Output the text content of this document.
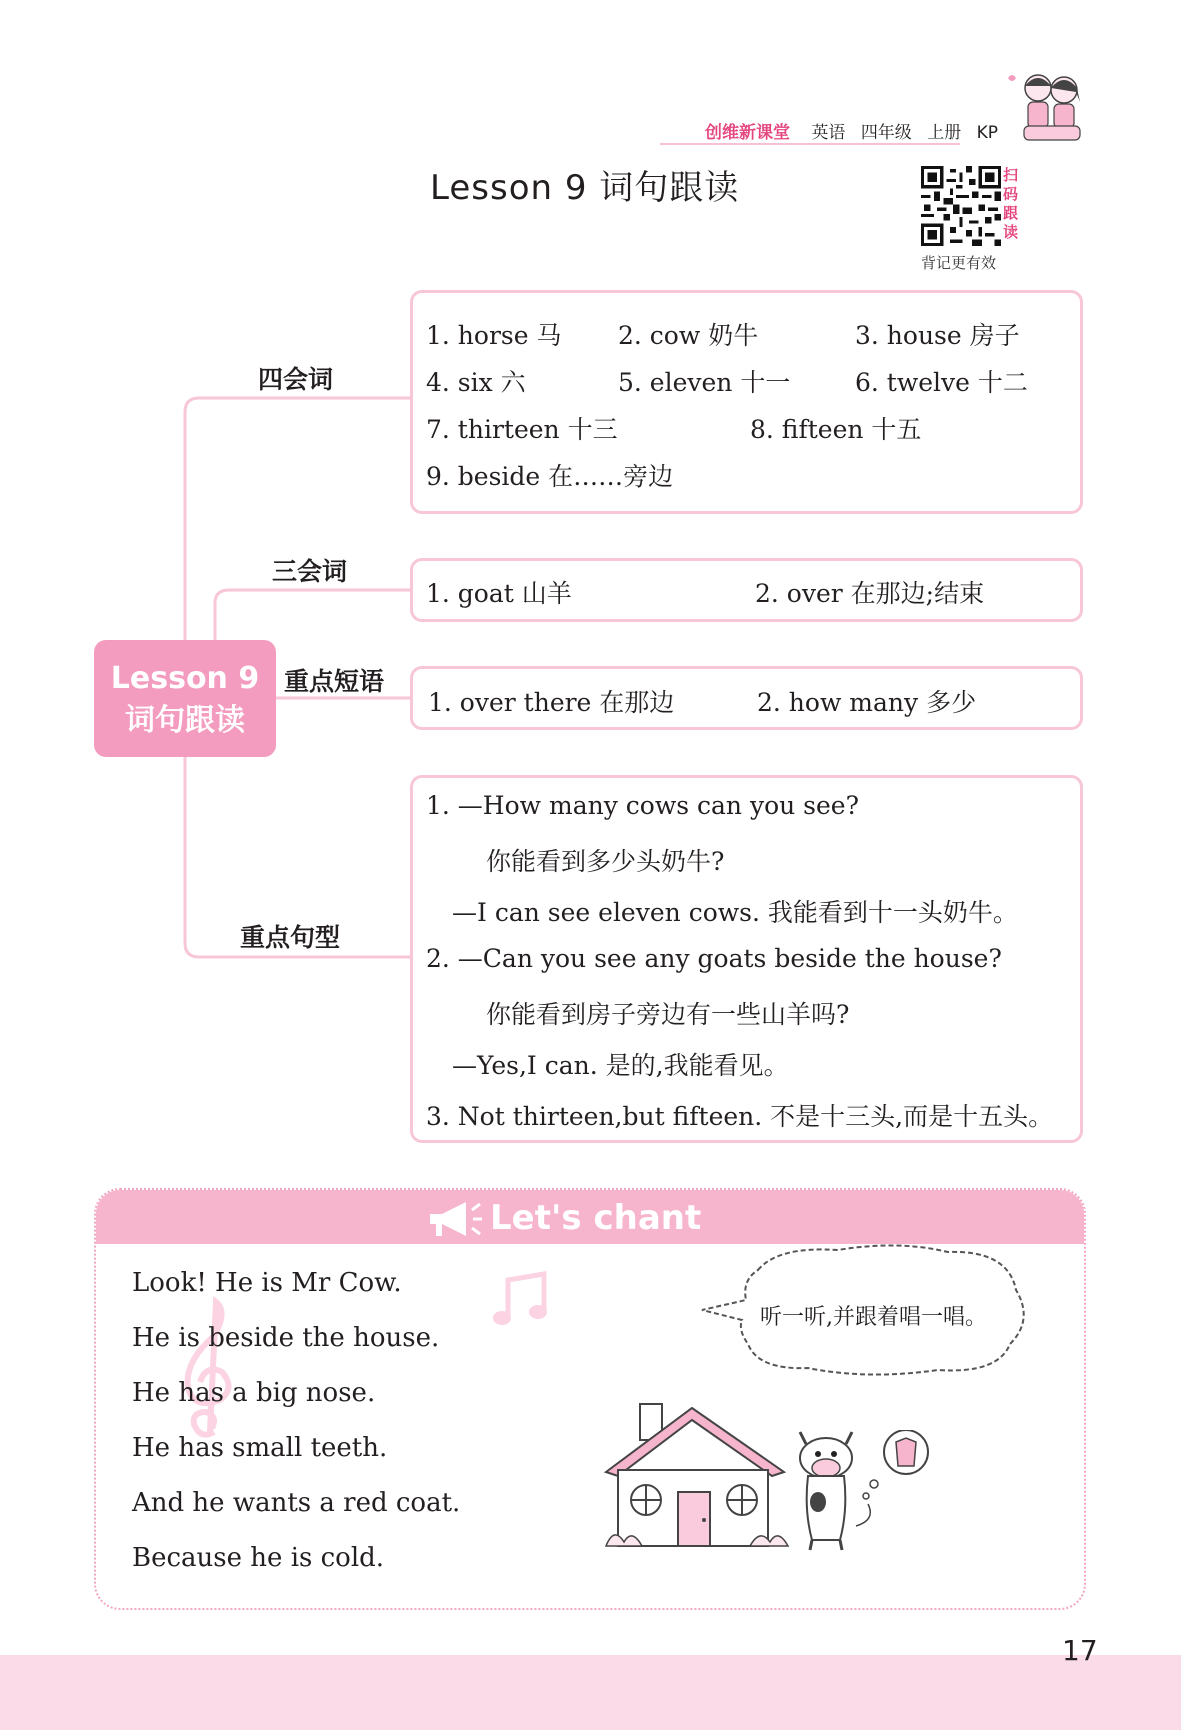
创维新课堂 英语 四年级 上册 KP
Lesson 9 词句跟读	扫
码
跟
读
背记更有效
Lesson 9
词句跟读
四会词
三会词
重点短语
重点句型
1. horse 马 2. cow 奶牛	3. house 房子
4. six 六	5. eleven 十一	6. twelve 十二
7. thirteen 十三	8. fifteen 十五
9. beside 在……旁边
1. goat 山羊	2. over 在那边;结束
1. over there 在那边	2. how many 多少
1. —How many cows can you see?
你能看到多少头奶牛?
—I can see eleven cows. 我能看到十一头奶牛。
2. —Can you see any goats beside the house?
你能看到房子旁边有一些山羊吗?
—Yes,I can. 是的,我能看见。
3. Not thirteen,but fifteen. 不是十三头,而是十五头。
Let's chant
Look! He is Mr Cow.
He is beside the house.
He has a big nose.
He has small teeth.
And he wants a red coat.
Because he is cold.
听一听,并跟着唱一唱。
17
